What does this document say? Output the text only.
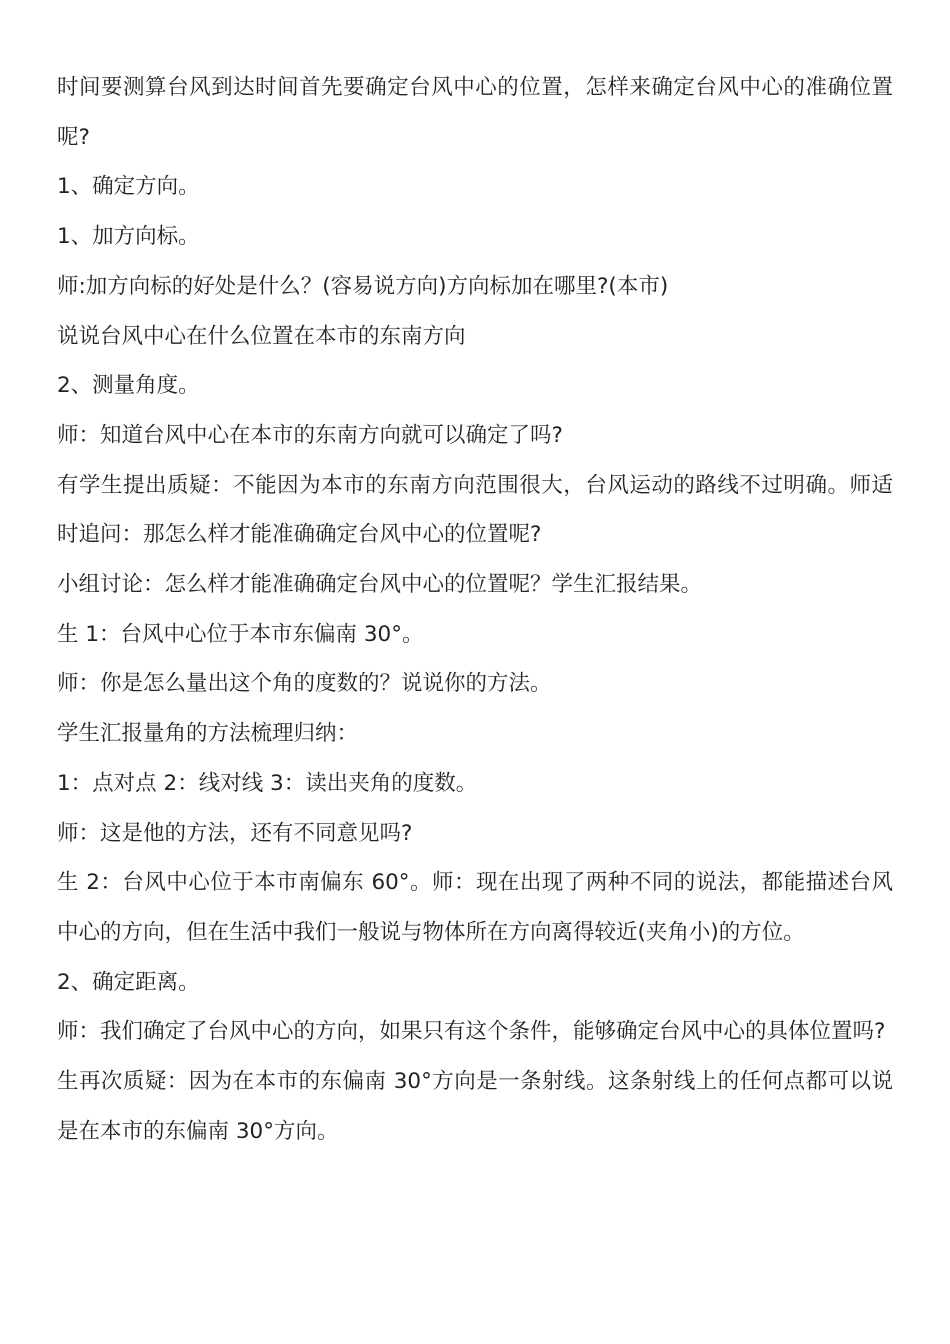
时间要测算台风到达时间首先要确定台风中心的位置，怎样来确定台风中心的准确位置呢?

1、确定方向。

1、加方向标。

师:加方向标的好处是什么？(容易说方向)方向标加在哪里?(本市)

说说台风中心在什么位置在本市的东南方向

2、测量角度。

师：知道台风中心在本市的东南方向就可以确定了吗?

有学生提出质疑：不能因为本市的东南方向范围很大，台风运动的路线不过明确。师适时追问：那怎么样才能准确确定台风中心的位置呢?

小组讨论：怎么样才能准确确定台风中心的位置呢？学生汇报结果。

生 1：台风中心位于本市东偏南 30°。

师：你是怎么量出这个角的度数的？说说你的方法。

学生汇报量角的方法梳理归纳：

1：点对点 2：线对线 3：读出夹角的度数。

师：这是他的方法，还有不同意见吗?

生 2：台风中心位于本市南偏东 60°。师：现在出现了两种不同的说法，都能描述台风中心的方向，但在生活中我们一般说与物体所在方向离得较近(夹角小)的方位。

2、确定距离。

师：我们确定了台风中心的方向，如果只有这个条件，能够确定台风中心的具体位置吗?

生再次质疑：因为在本市的东偏南 30°方向是一条射线。这条射线上的任何点都可以说是在本市的东偏南 30°方向。
